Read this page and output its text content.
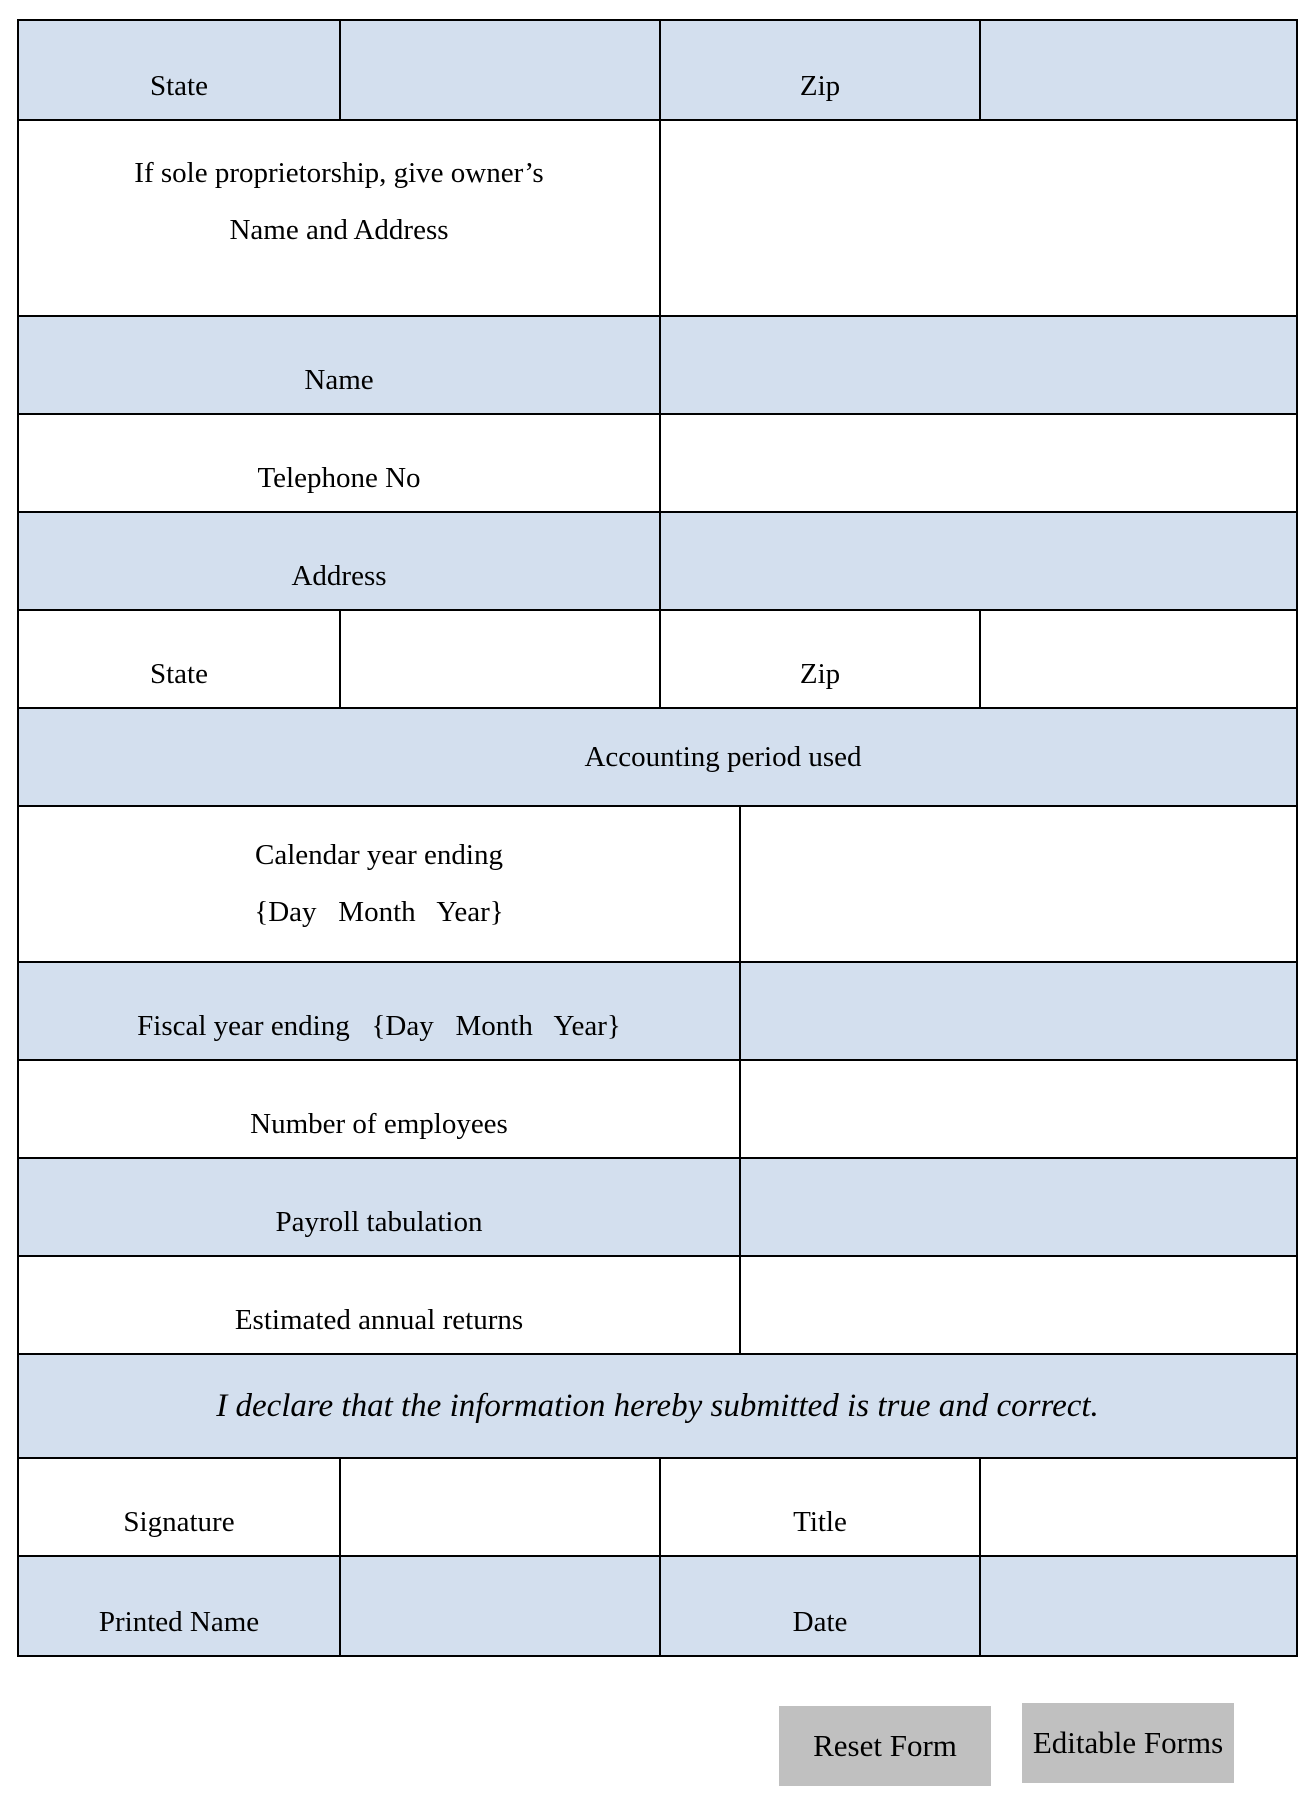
State	Zip
If sole proprietorship, give owner’s
Name and Address
Name
Telephone No
Address
State	Zip
Accounting period used
Calendar year ending
{Day   Month   Year}
Fiscal year ending   {Day   Month   Year}
Number of employees
Payroll tabulation
Estimated annual returns
I declare that the information hereby submitted is true and correct.
Signature	Title
Printed Name	Date
Reset Form	Editable Forms
